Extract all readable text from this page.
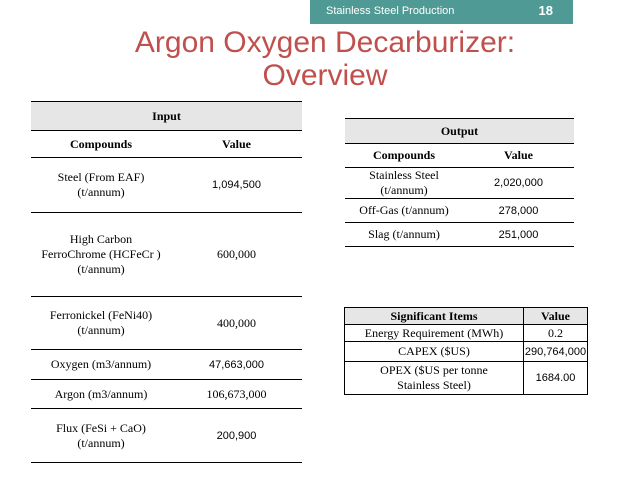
Stainless Steel Production	18
Argon Oxygen Decarburizer:
Overview
Input	
Compounds	Value

Steel (From EAF)
(t/annum)	1,094,500

High Carbon
FerroChrome (HCFeCr )
(t/annum)	600,000

Ferronickel (FeNi40)
(t/annum)	400,000
Oxygen (m3/annum)	47,663,000
Argon (m3/annum)	106,673,000

Flux (FeSi + CaO)
(t/annum)	200,900
Output	
Compounds	Value

Stainless Steel
(t/annum)	2,020,000
Off-Gas (t/annum)	278,000
Slag (t/annum)	251,000
Significant Items	Value
Energy Requirement (MWh)	0.2
CAPEX ($US)	290,764,000

OPEX ($US per tonne
Stainless Steel)	1684.00
